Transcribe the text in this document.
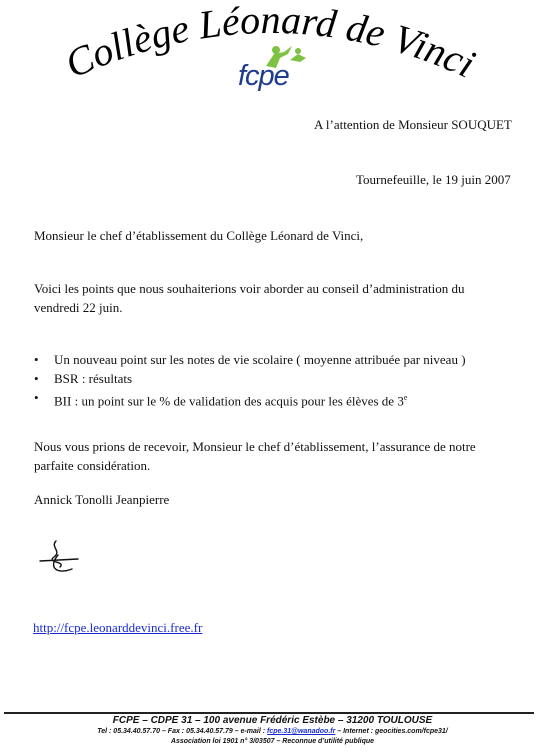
Collège Léonard de Vinci
fcpe
A l’attention de Monsieur SOUQUET
Tournefeuille, le 19 juin 2007
Monsieur le chef d’établissement du Collège Léonard de Vinci,
Voici les points que nous souhaiterions voir aborder au conseil d’administration du
vendredi 22 juin.
• Un nouveau point sur les notes de vie scolaire ( moyenne attribuée par niveau )
• BSR : résultats
• BII : un point sur le % de validation des acquis pour les élèves de 3e
Nous vous prions de recevoir, Monsieur le chef d’établissement, l’assurance de notre
parfaite considération.
Annick Tonolli Jeanpierre
http://fcpe.leonarddevinci.free.fr
FCPE – CDPE 31 – 100 avenue Frédéric Estèbe – 31200 TOULOUSE
Tel : 05.34.40.57.70 – Fax : 05.34.40.57.79 – e-mail : fcpe.31@wanadoo.fr – Internet : geocities.com/fcpe31/
Association loi 1901 n° 3/03507 – Reconnue d’utilité publique
